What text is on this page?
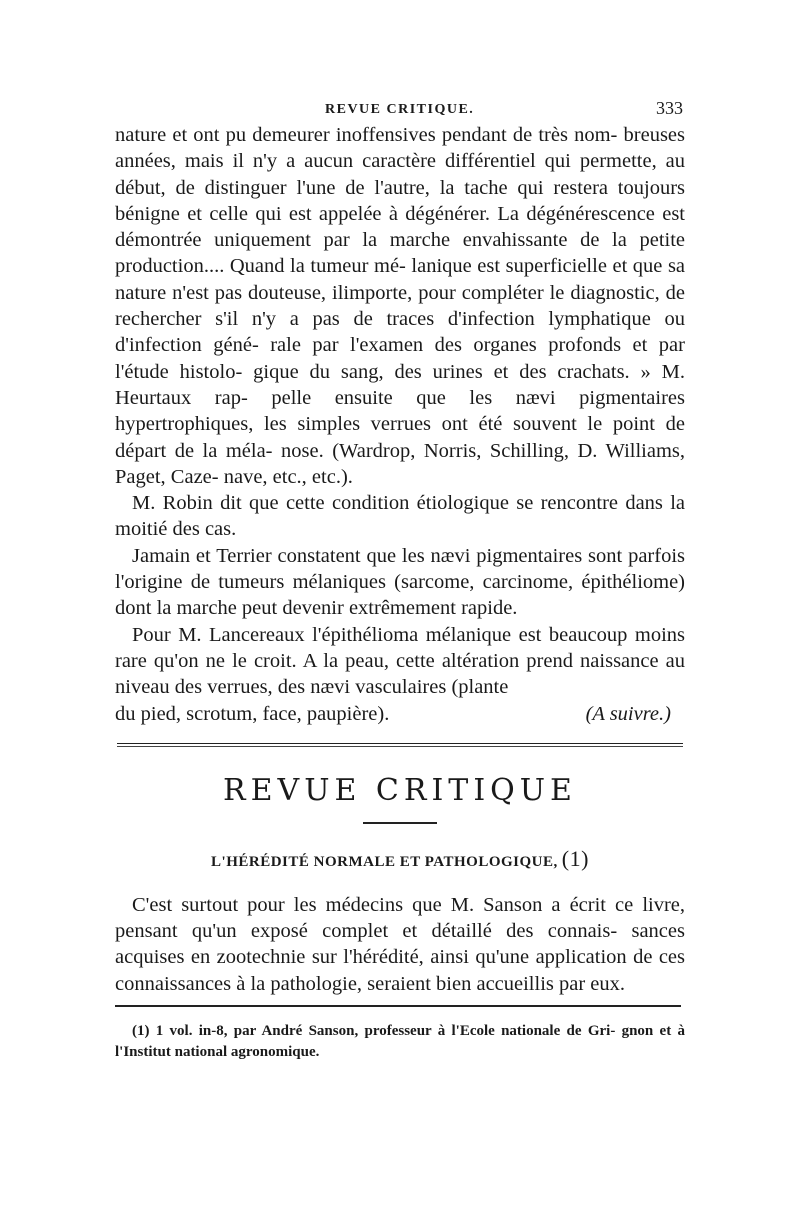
REVUE CRITIQUE.	333

nature et ont pu demeurer inoffensives pendant de très nom- breuses années, mais il n'y a aucun caractère différentiel qui permette, au début, de distinguer l'une de l'autre, la tache qui restera toujours bénigne et celle qui est appelée à dégénérer. La dégénérescence est démontrée uniquement par la marche envahissante de la petite production.... Quand la tumeur mé- lanique est superficielle et que sa nature n'est pas douteuse, ilimporte, pour compléter le diagnostic, de rechercher s'il n'y a pas de traces d'infection lymphatique ou d'infection géné- rale par l'examen des organes profonds et par l'étude histolo- gique du sang, des urines et des crachats. » M. Heurtaux rap- pelle ensuite que les nævi pigmentaires hypertrophiques, les simples verrues ont été souvent le point de départ de la méla- nose. (Wardrop, Norris, Schilling, D. Williams, Paget, Caze- nave, etc., etc.).

M. Robin dit que cette condition étiologique se rencontre dans la moitié des cas.

Jamain et Terrier constatent que les nævi pigmentaires sont parfois l'origine de tumeurs mélaniques (sarcome, carcinome, épithéliome) dont la marche peut devenir extrêmement rapide.

Pour M. Lancereaux l'épithélioma mélanique est beaucoup moins rare qu'on ne le croit. A la peau, cette altération prend naissance au niveau des verrues, des nævi vasculaires (plante

du pied, scrotum, face, paupière).	(A suivre.)
REVUE CRITIQUE
L'HÉRÉDITÉ NORMALE ET PATHOLOGIQUE, (1)

C'est surtout pour les médecins que M. Sanson a écrit ce livre, pensant qu'un exposé complet et détaillé des connais- sances acquises en zootechnie sur l'hérédité, ainsi qu'une application de ces connaissances à la pathologie, seraient bien accueillis par eux.

(1) 1 vol. in-8, par André Sanson, professeur à l'Ecole nationale de Gri- gnon et à l'Institut national agronomique.
